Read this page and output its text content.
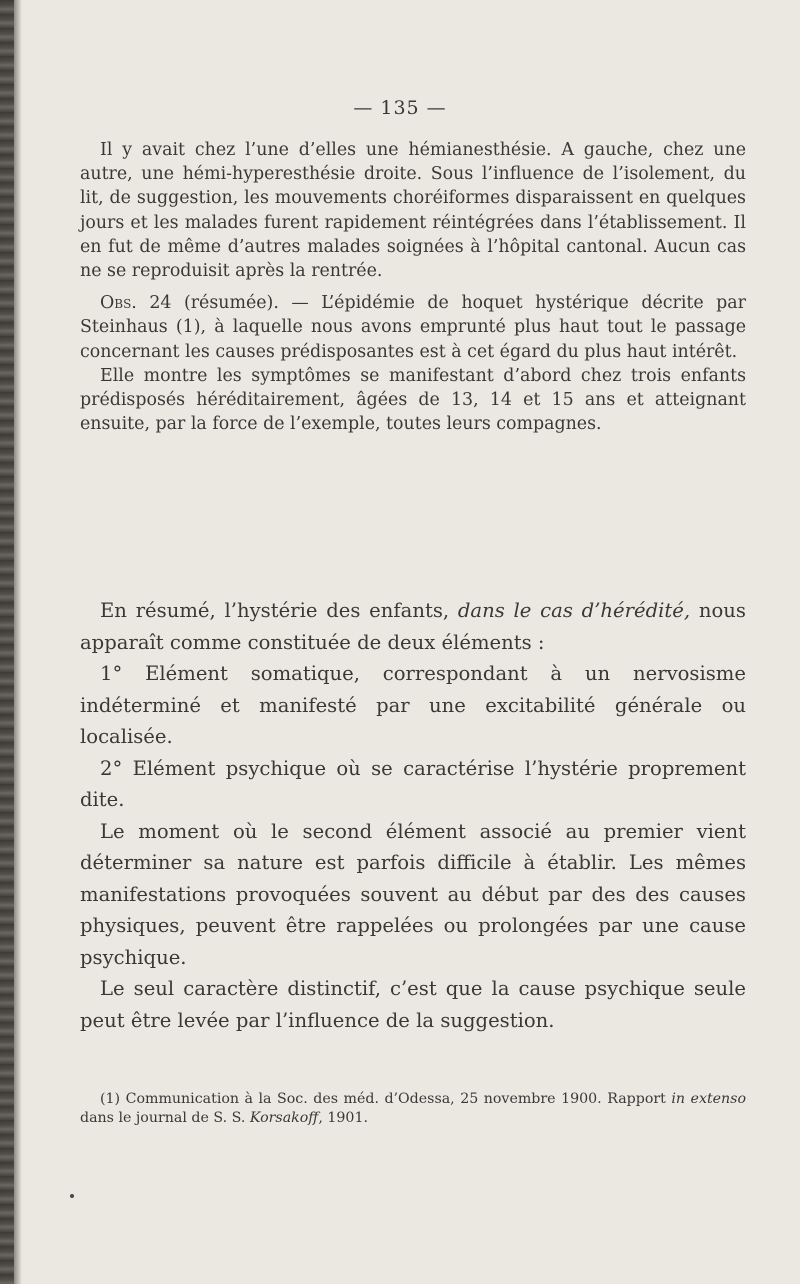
— 135 —

Il y avait chez l’une d’elles une hémianesthésie. A gauche, chez une autre, une hémi-hyperesthésie droite. Sous l’influence de l’isolement, du lit, de suggestion, les mouvements choréiformes disparaissent en quelques jours et les malades furent rapidement réintégrées dans l’établissement. Il en fut de même d’autres malades soignées à l’hôpital cantonal. Aucun cas ne se reproduisit après la rentrée.

Obs. 24 (résumée). — L’épidémie de hoquet hystérique décrite par Steinhaus (1), à laquelle nous avons emprunté plus haut tout le passage concernant les causes prédisposantes est à cet égard du plus haut intérêt.

Elle montre les symptômes se manifestant d’abord chez trois enfants prédisposés héréditairement, âgées de 13, 14 et 15 ans et atteignant ensuite, par la force de l’exemple, toutes leurs compagnes.

En résumé, l’hystérie des enfants, dans le cas d’hérédité, nous apparaît comme constituée de deux éléments :

1° Elément somatique, correspondant à un nervosisme indéterminé et manifesté par une excitabilité générale ou localisée.

2° Elément psychique où se caractérise l’hystérie proprement dite.

Le moment où le second élément associé au premier vient déterminer sa nature est parfois difficile à établir. Les mêmes manifestations provoquées souvent au début par des des causes physiques, peuvent être rappelées ou prolongées par une cause psychique.

Le seul caractère distinctif, c’est que la cause psychique seule peut être levée par l’influence de la suggestion.

(1) Communication à la Soc. des méd. d’Odessa, 25 novembre 1900. Rapport in extenso dans le journal de S. S. Korsakoff, 1901.
